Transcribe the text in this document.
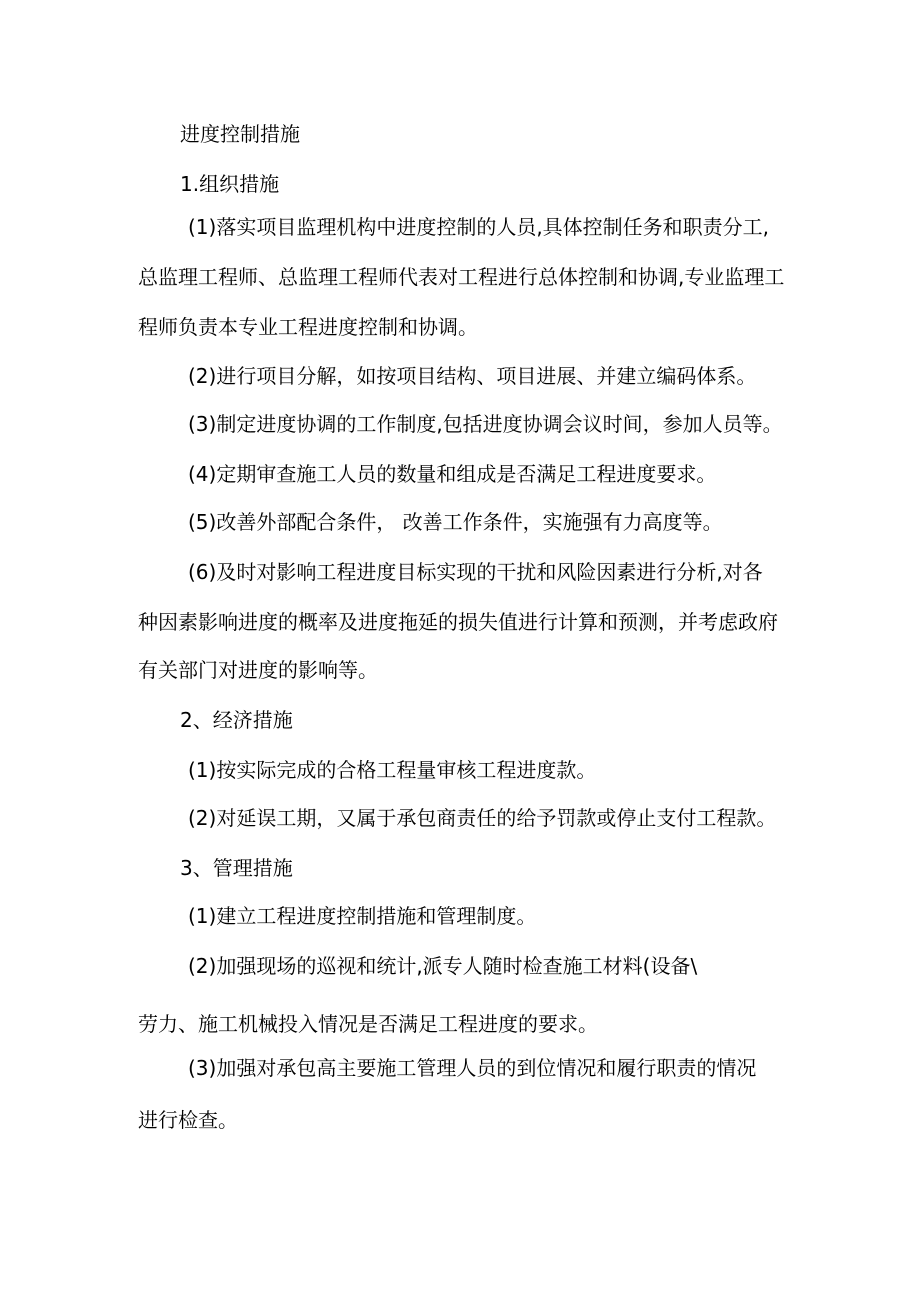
进度控制措施

1.组织措施

(1)落实项目监理机构中进度控制的人员,具体控制任务和职责分工,

总监理工程师、总监理工程师代表对工程进行总体控制和协调,专业监理工

程师负责本专业工程进度控制和协调。

(2)进行项目分解，如按项目结构、项目进展、并建立编码体系。

(3)制定进度协调的工作制度,包括进度协调会议时间，参加人员等。

(4)定期审查施工人员的数量和组成是否满足工程进度要求。

(5)改善外部配合条件， 改善工作条件，实施强有力高度等。

(6)及时对影响工程进度目标实现的干扰和风险因素进行分析,对各

种因素影响进度的概率及进度拖延的损失值进行计算和预测，并考虑政府

有关部门对进度的影响等。

2、经济措施

(1)按实际完成的合格工程量审核工程进度款。

(2)对延误工期，又属于承包商责任的给予罚款或停止支付工程款。

3、管理措施

(1)建立工程进度控制措施和管理制度。

(2)加强现场的巡视和统计,派专人随时检查施工材料(设备\

劳力、施工机械投入情况是否满足工程进度的要求。

(3)加强对承包高主要施工管理人员的到位情况和履行职责的情况

进行检查。
